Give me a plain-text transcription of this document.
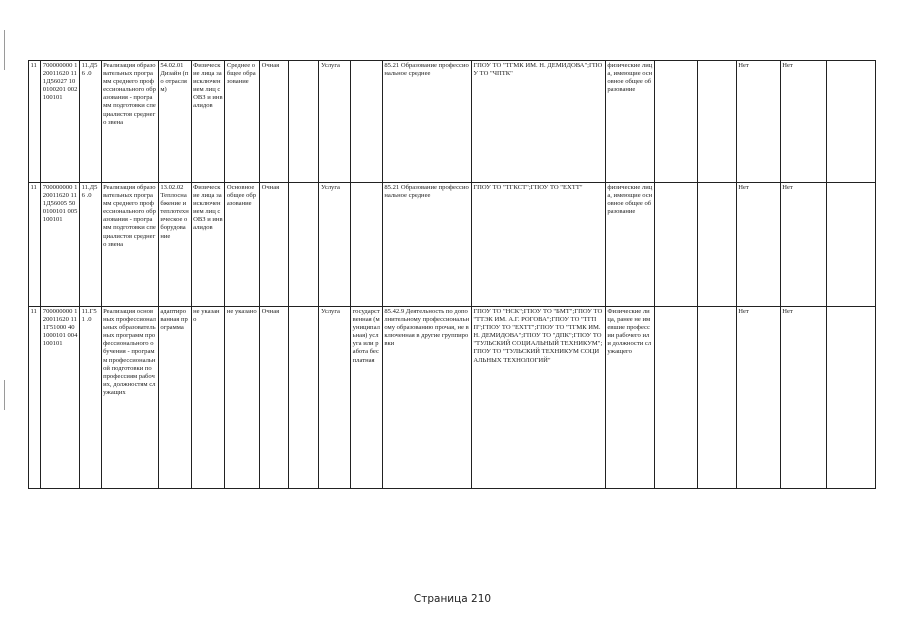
11	700000000 120011620 111Д56027 100100201 002100101	11.Д56 .0	Реализация образовательных программ среднего профессионального образования - программ подготовки специалистов среднего звена	54.02.01 Дизайн (по отраслям)	Физические лица за исключением лиц с ОВЗ и инвалидов	Среднее общее образование	Очная		Услуга		85.21 Образование профессиональное среднее	ГПОУ ТО "ТГМК ИМ. Н. ДЕМИДОВА";ГПОУ ТО "ЧПТК"	физические лица, имеющие основное общее образование			Нет	Нет	
11	700000000 120011620 111Д56005 500100101 005100101	11.Д56 .0	Реализация образовательных программ среднего профессионального образования - программ подготовки специалистов среднего звена	13.02.02 Теплоснабжение и теплотехническое оборудование	Физические лица за исключением лиц с ОВЗ и инвалидов	Основное общее образование	Очная		Услуга		85.21 Образование профессиональное среднее	ГПОУ ТО "ТГКСТ";ГПОУ ТО "ЕХТТ"	физические лица, имеющие основное общее образование			Нет	Нет	
11	700000000 120011620 111Г51000 401000101 004100101	11.Г51 .0	Реализация основных профессиональных образовательных программ профессионального обучения - программ профессиональной подготовки по профессиям рабочих, должностям служащих	адаптированная программа	не указано	не указано	Очная		Услуга	государственная (муниципальная) услуга или работа бесплатная	85.42.9 Деятельность по дополнительному профессиональному образованию прочая, не включенная в другие группировки	ГПОУ ТО "НСК";ГПОУ ТО "БМТ";ГПОУ ТО "ТТЭК ИМ. А.Г. РОГОВА";ГПОУ ТО "ТГПП";ГПОУ ТО "ЕХТТ";ГПОУ ТО "ТГМК ИМ. Н. ДЕМИДОВА";ГПОУ ТО "ДПК";ГПОУ ТО "ТУЛЬСКИЙ СОЦИАЛЬНЫЙ ТЕХНИКУМ";ГПОУ ТО "ТУЛЬСКИЙ ТЕХНИКУМ СОЦИАЛЬНЫХ ТЕХНОЛОГИЙ"	Физические лица, ранее не имевшие профессии рабочего или должности служащего			Нет	Нет	
Страница 210
